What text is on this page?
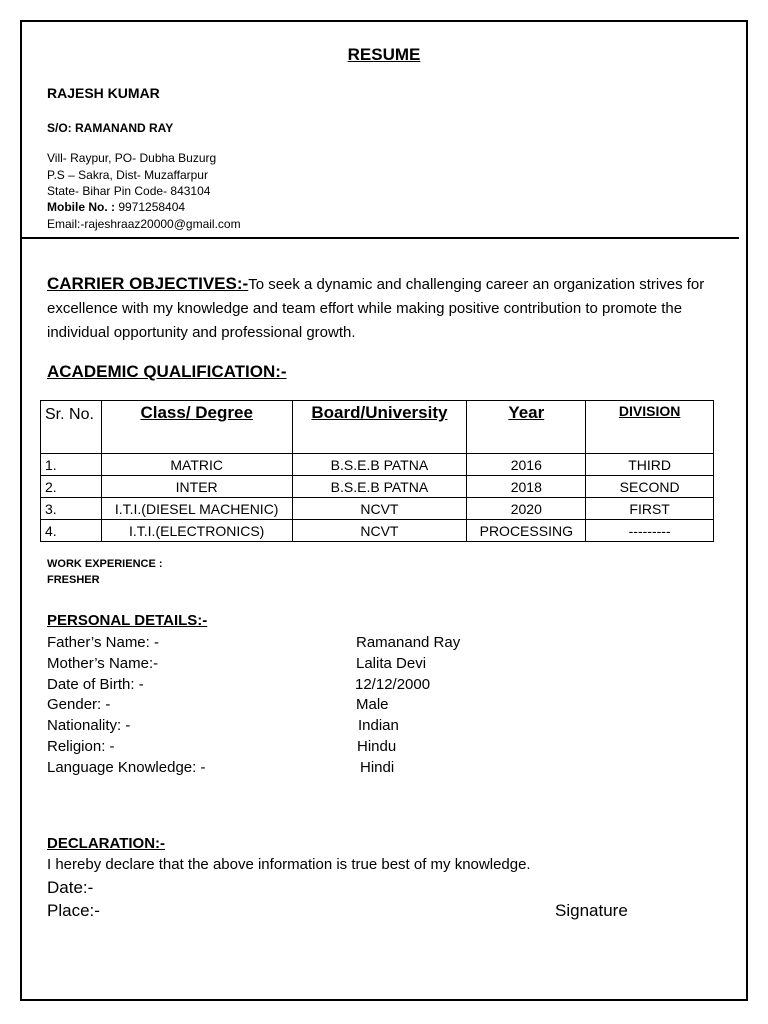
RESUME
RAJESH KUMAR
S/O: RAMANAND RAY
Vill- Raypur, PO- Dubha Buzurg
P.S – Sakra, Dist- Muzaffarpur
State- Bihar Pin Code- 843104
Mobile No. : 9971258404
Email:-rajeshraaz20000@gmail.com
CARRIER OBJECTIVES:-To seek a dynamic and challenging career an organization strives for excellence with my knowledge and team effort while making positive contribution to promote the individual opportunity and professional growth.
ACADEMIC QUALIFICATION:-
Sr. No.	Class/ Degree	Board/University	Year	DIVISION
1.	MATRIC	B.S.E.B PATNA	2016	THIRD
2.	INTER	B.S.E.B PATNA	2018	SECOND
3.	I.T.I.(DIESEL MACHENIC)	NCVT	2020	FIRST
4.	I.T.I.(ELECTRONICS)	NCVT	PROCESSING	---------
WORK EXPERIENCE :
FRESHER
PERSONAL DETAILS:-
Father’s Name: -	Ramanand Ray
Mother’s Name:-	Lalita Devi
Date of Birth: -	12/12/2000
Gender: -	Male
Nationality: -	Indian
Religion: -	Hindu
Language Knowledge: -	Hindi
DECLARATION:-
I hereby declare that the above information is true best of my knowledge.
Date:-
Place:-	Signature
